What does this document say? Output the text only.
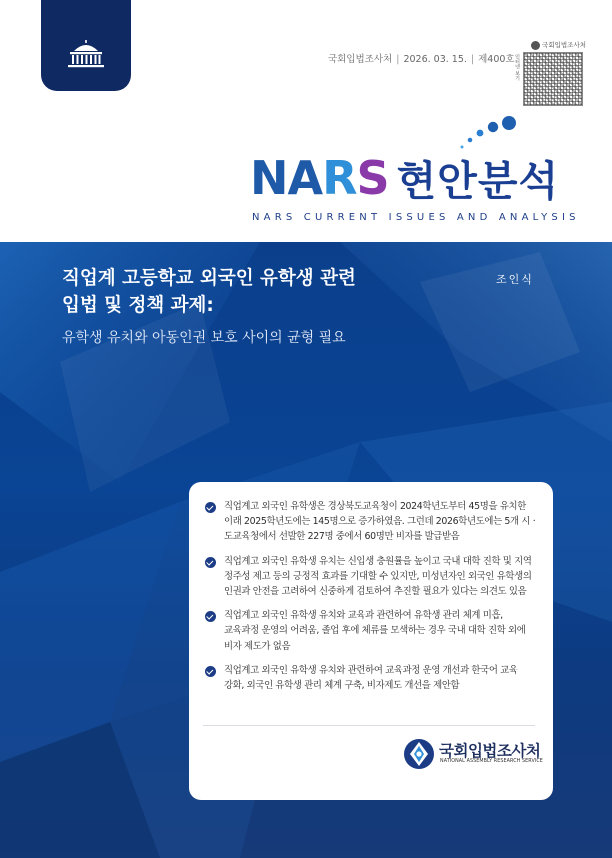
국회입법조사처 | 2026. 03. 15. | 제400호
국회입법조사처
인터넷 보기
NARS 현안분석
NARS CURRENT ISSUES AND ANALYSIS
직업계 고등학교 외국인 유학생 관련
입법 및 정책 과제:
유학생 유치와 아동인권 보호 사이의 균형 필요
조인식
직업계고 외국인 유학생은 경상북도교육청이 2024학년도부터 45명을 유치한 이래 2025학년도에는 145명으로 증가하였음. 그런데 2026학년도에는 5개 시 · 도교육청에서 선발한 227명 중에서 60명만 비자를 발급받음
직업계고 외국인 유학생 유치는 신입생 충원률을 높이고 국내 대학 진학 및 지역 정주성 제고 등의 긍정적 효과를 기대할 수 있지만, 미성년자인 외국인 유학생의 인권과 안전을 고려하여 신중하게 검토하여 추진할 필요가 있다는 의견도 있음
직업계고 외국인 유학생 유치와 교육과 관련하여 유학생 관리 체계 미흡, 교육과정 운영의 어려움, 졸업 후에 체류를 모색하는 경우 국내 대학 진학 외에 비자 제도가 없음
직업계고 외국인 유학생 유치와 관련하여 교육과정 운영 개선과 한국어 교육 강화, 외국인 유학생 관리 체계 구축, 비자제도 개선을 제안함
국회입법조사처
NATIONAL ASSEMBLY RESEARCH SERVICE
